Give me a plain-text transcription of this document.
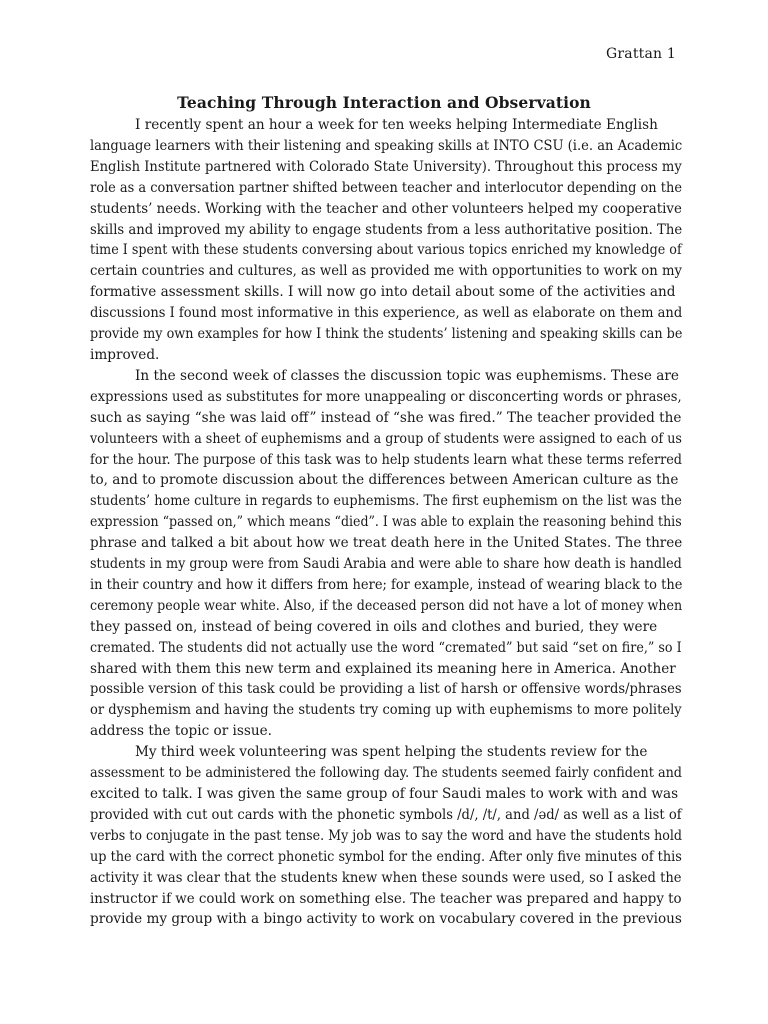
Grattan 1
Teaching Through Interaction and Observation
I recently spent an hour a week for ten weeks helping Intermediate English
language learners with their listening and speaking skills at INTO CSU (i.e. an Academic
English Institute partnered with Colorado State University). Throughout this process my
role as a conversation partner shifted between teacher and interlocutor depending on the
students’ needs. Working with the teacher and other volunteers helped my cooperative
skills and improved my ability to engage students from a less authoritative position. The
time I spent with these students conversing about various topics enriched my knowledge of
certain countries and cultures, as well as provided me with opportunities to work on my
formative assessment skills. I will now go into detail about some of the activities and
discussions I found most informative in this experience, as well as elaborate on them and
provide my own examples for how I think the students’ listening and speaking skills can be
improved.
In the second week of classes the discussion topic was euphemisms. These are
expressions used as substitutes for more unappealing or disconcerting words or phrases,
such as saying “she was laid off” instead of “she was fired.” The teacher provided the
volunteers with a sheet of euphemisms and a group of students were assigned to each of us
for the hour. The purpose of this task was to help students learn what these terms referred
to, and to promote discussion about the differences between American culture as the
students’ home culture in regards to euphemisms. The first euphemism on the list was the
expression “passed on,” which means “died”. I was able to explain the reasoning behind this
phrase and talked a bit about how we treat death here in the United States. The three
students in my group were from Saudi Arabia and were able to share how death is handled
in their country and how it differs from here; for example, instead of wearing black to the
ceremony people wear white. Also, if the deceased person did not have a lot of money when
they passed on, instead of being covered in oils and clothes and buried, they were
cremated. The students did not actually use the word “cremated” but said “set on fire,” so I
shared with them this new term and explained its meaning here in America. Another
possible version of this task could be providing a list of harsh or offensive words/phrases
or dysphemism and having the students try coming up with euphemisms to more politely
address the topic or issue.
My third week volunteering was spent helping the students review for the
assessment to be administered the following day. The students seemed fairly confident and
excited to talk. I was given the same group of four Saudi males to work with and was
provided with cut out cards with the phonetic symbols /d/, /t/, and /əd/ as well as a list of
verbs to conjugate in the past tense. My job was to say the word and have the students hold
up the card with the correct phonetic symbol for the ending. After only five minutes of this
activity it was clear that the students knew when these sounds were used, so I asked the
instructor if we could work on something else. The teacher was prepared and happy to
provide my group with a bingo activity to work on vocabulary covered in the previous
